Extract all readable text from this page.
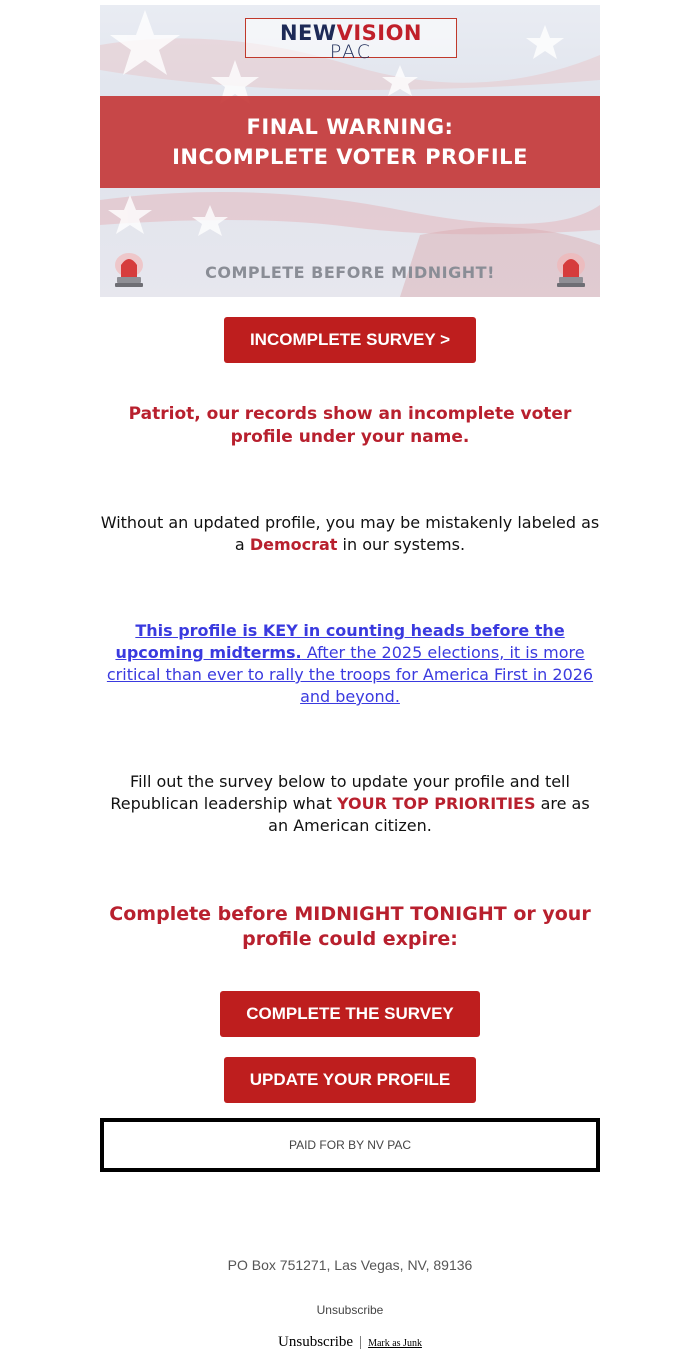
NEWVISION
PAC
FINAL WARNING:
INCOMPLETE VOTER PROFILE
COMPLETE BEFORE MIDNIGHT!
INCOMPLETE SURVEY >
Patriot, our records show an incomplete voter profile under your name.
Without an updated profile, you may be mistakenly labeled as a Democrat in our systems.
This profile is KEY in counting heads before the upcoming midterms. After the 2025 elections, it is more critical than ever to rally the troops for America First in 2026 and beyond.
Fill out the survey below to update your profile and tell Republican leadership what YOUR TOP PRIORITIES are as an American citizen.
Complete before MIDNIGHT TONIGHT or your profile could expire:
COMPLETE THE SURVEY
UPDATE YOUR PROFILE
PAID FOR BY NV PAC
PO Box 751271, Las Vegas, NV, 89136
Unsubscribe
Unsubscribe | Mark as Junk
